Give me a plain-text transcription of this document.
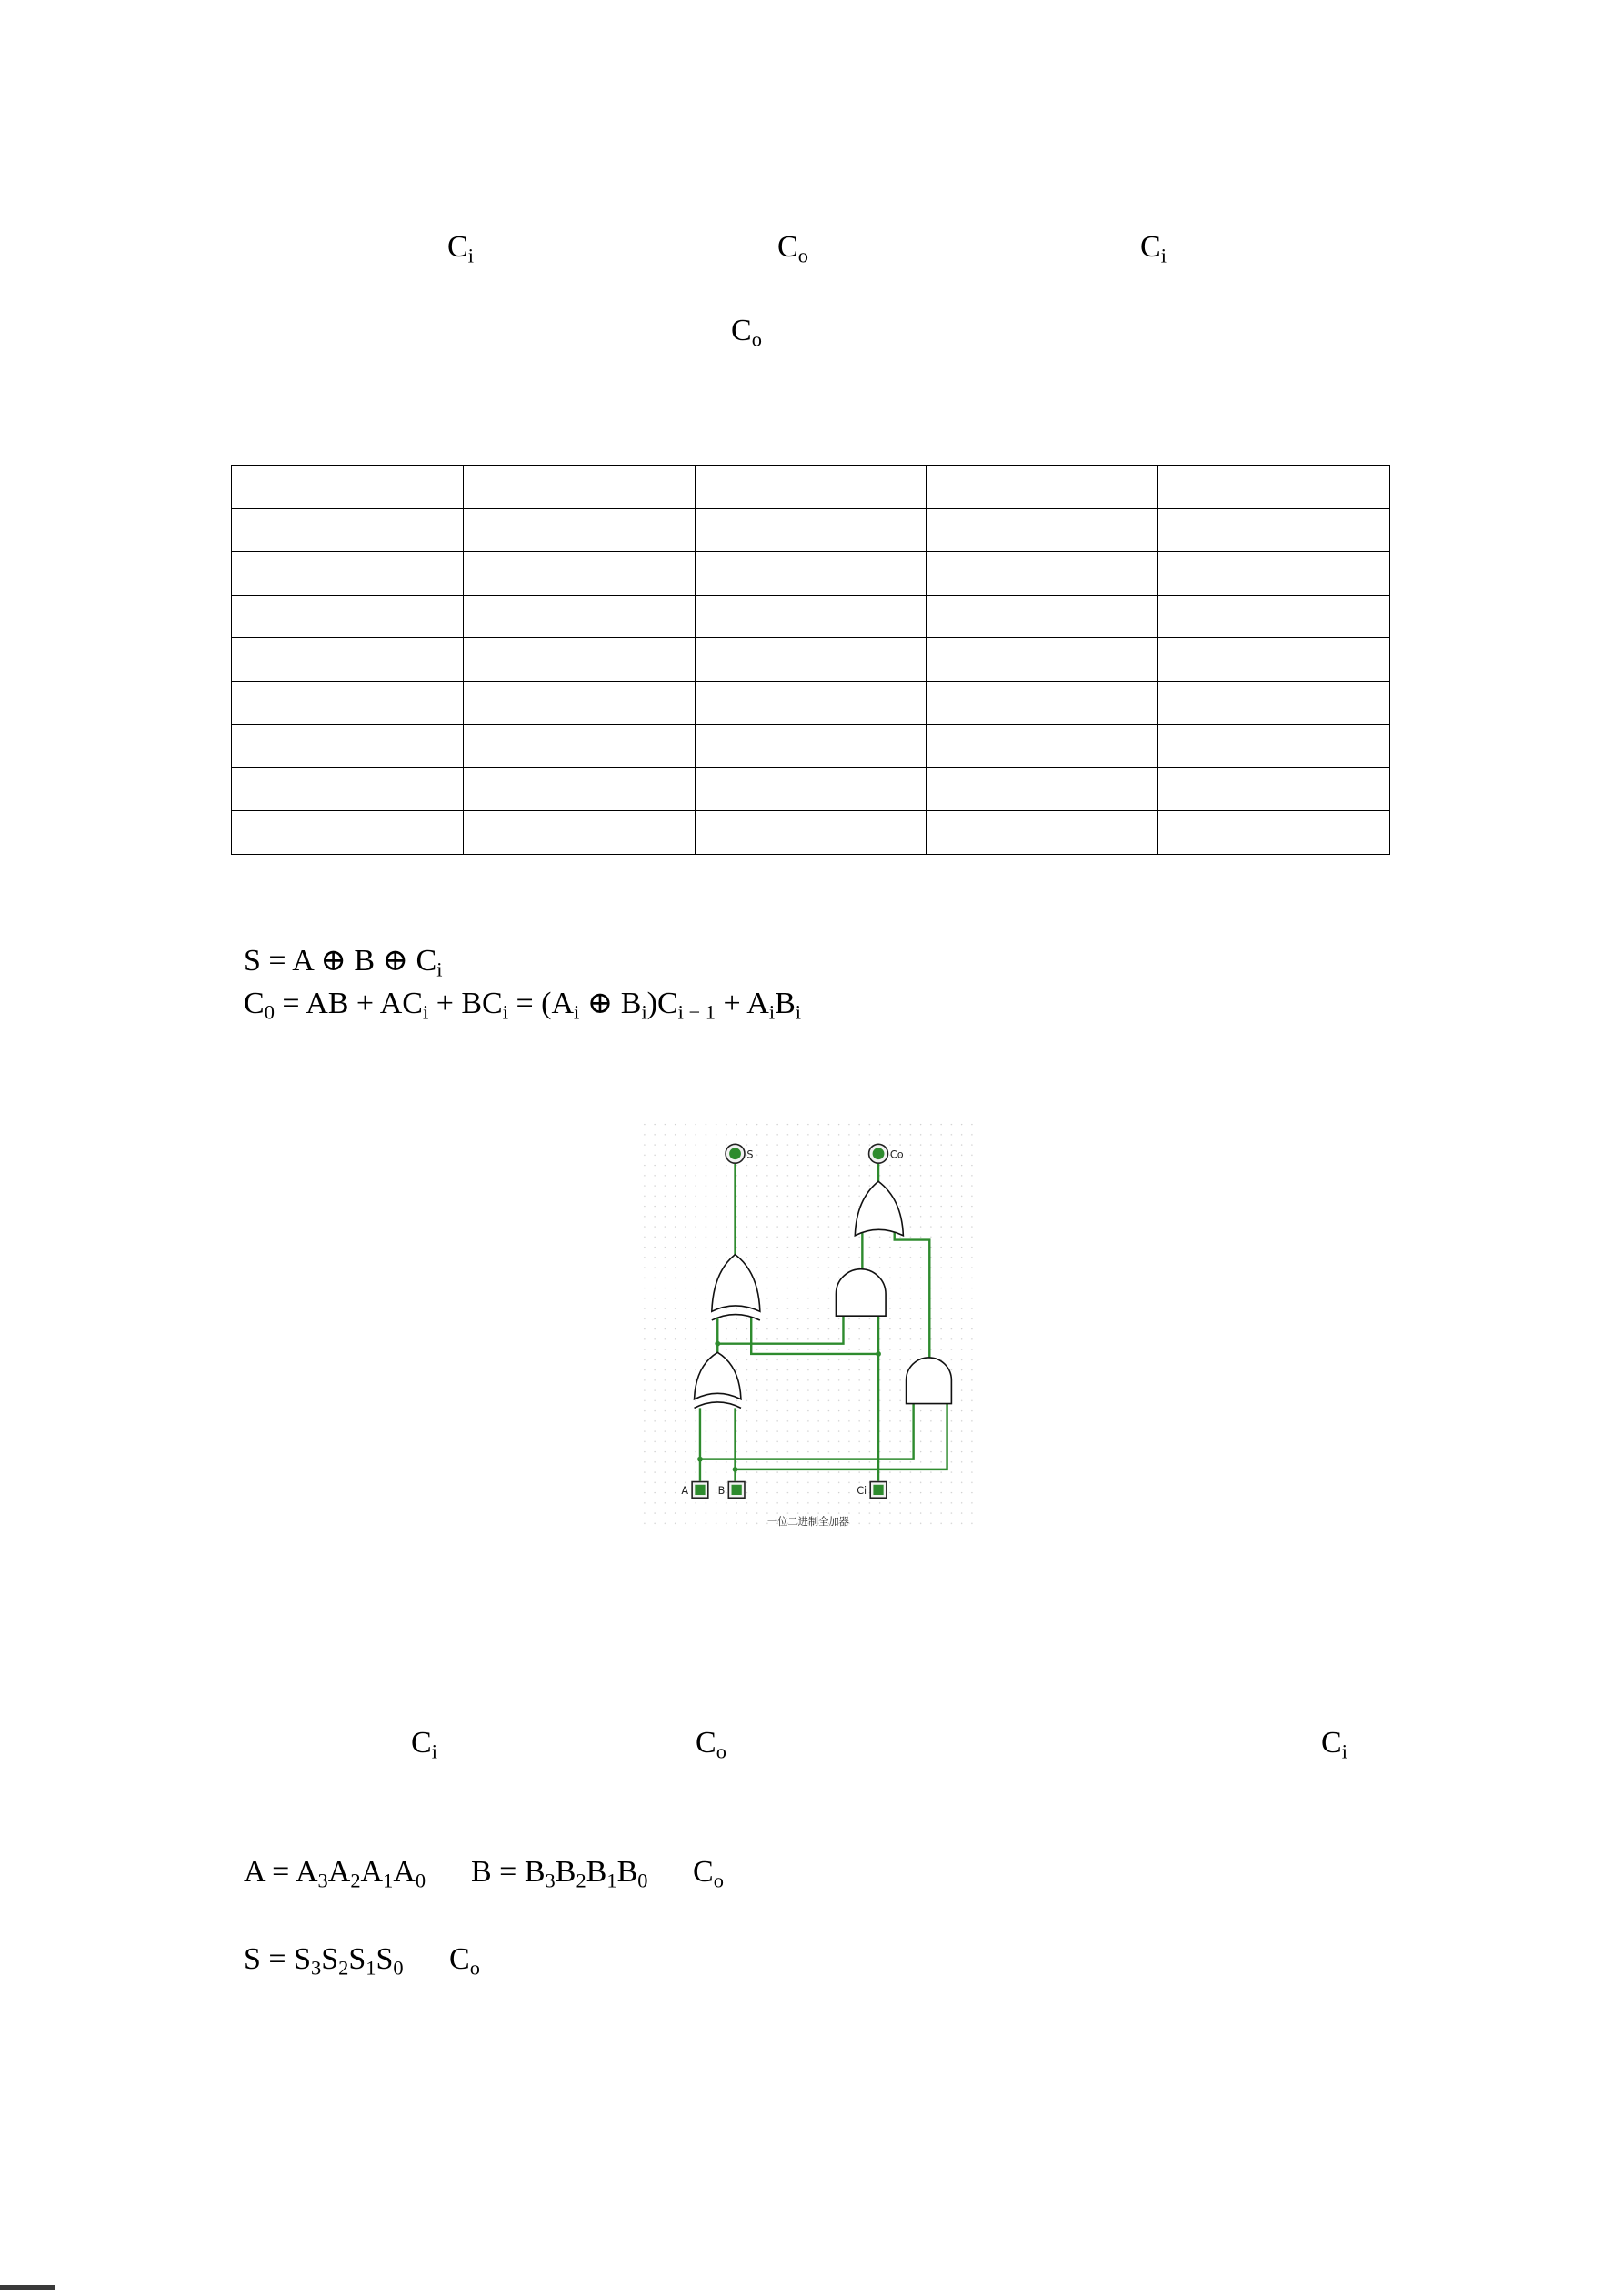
$C_i$	$C_o$	$C_i$
$C_o$

S = A ⊕ B ⊕ $C_i$
$C_0$ = AB + $AC_i + BC_i = (A_i$ ⊕ $B_i)C_{i - 1} + A_iB_i$
S	Co
A	B	Ci
一位二进制全加器
$C_i$	$C_o$	$C_i$
$A = A_3A_2A_1A_0$ $B = B_3B_2B_1B_0$ $C_o$
$S = S_3S_2S_1S_0$ $C_o$
